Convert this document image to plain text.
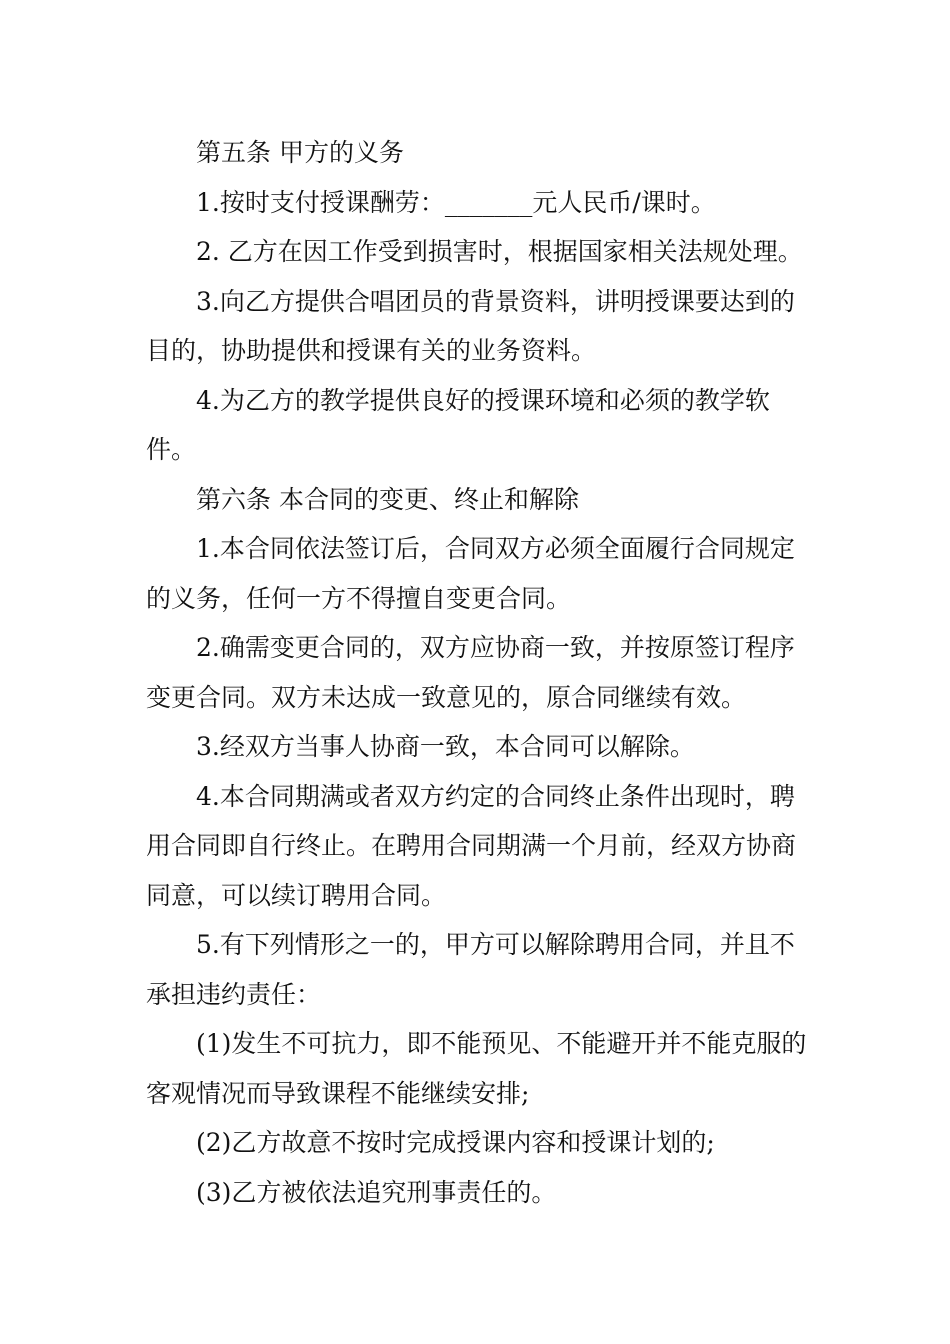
第五条 甲方的义务

1.按时支付授课酬劳：_______元人民币/课时。

2. 乙方在因工作受到损害时，根据国家相关法规处理。

3.向乙方提供合唱团员的背景资料，讲明授课要达到的目的，协助提供和授课有关的业务资料。

4.为乙方的教学提供良好的授课环境和必须的教学软件。

第六条 本合同的变更、终止和解除

1.本合同依法签订后，合同双方必须全面履行合同规定的义务，任何一方不得擅自变更合同。

2.确需变更合同的，双方应协商一致，并按原签订程序变更合同。双方未达成一致意见的，原合同继续有效。

3.经双方当事人协商一致，本合同可以解除。

4.本合同期满或者双方约定的合同终止条件出现时，聘用合同即自行终止。在聘用合同期满一个月前，经双方协商同意，可以续订聘用合同。

5.有下列情形之一的，甲方可以解除聘用合同，并且不承担违约责任：

(1)发生不可抗力，即不能预见、不能避开并不能克服的客观情况而导致课程不能继续安排;

(2)乙方故意不按时完成授课内容和授课计划的;

(3)乙方被依法追究刑事责任的。
